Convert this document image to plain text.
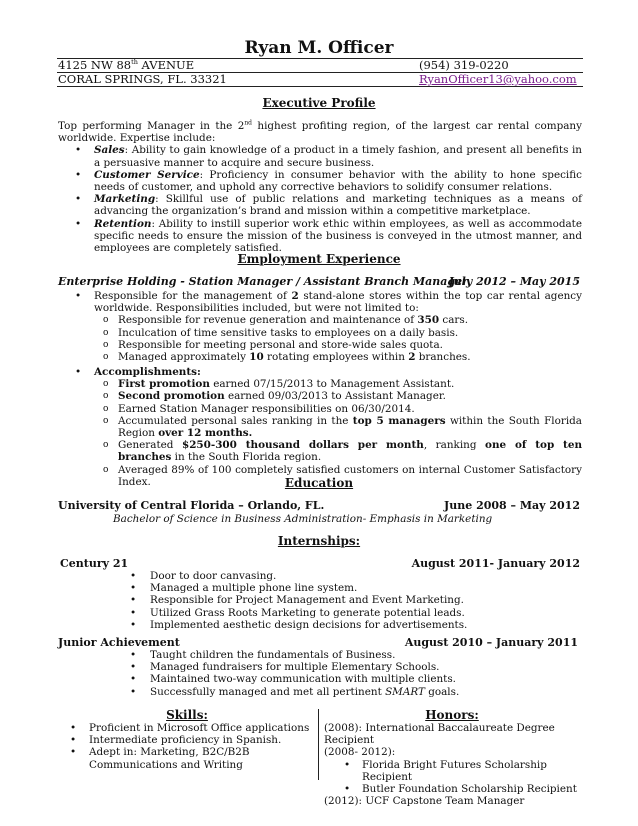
Ryan M. Officer
4125 NW 88th AVENUE	(954) 319-0220
CORAL SPRINGS, FL. 33321	RyanOfficer13@yahoo.com
Executive Profile
Top performing Manager in the 2nd highest profiting region, of the largest car rental company worldwide. Expertise include:
• Sales: Ability to gain knowledge of a product in a timely fashion, and present all benefits in a persuasive manner to acquire and secure business.
• Customer Service: Proficiency in consumer behavior with the ability to hone specific needs of customer, and uphold any corrective behaviors to solidify consumer relations.
• Marketing: Skillful use of public relations and marketing techniques as a means of advancing the organization’s brand and mission within a competitive marketplace.
• Retention: Ability to instill superior work ethic within employees, as well as accommodate specific needs to ensure the mission of the business is conveyed in the utmost manner, and employees are completely satisfied.
Employment Experience
Enterprise Holding - Station Manager / Assistant Branch Manager
July 2012 – May 2015
• Responsible for the management of 2 stand-alone stores within the top car rental agency worldwide. Responsibilities included, but were not limited to:
o Responsible for revenue generation and maintenance of 350 cars.
o Inculcation of time sensitive tasks to employees on a daily basis.
o Responsible for meeting personal and store-wide sales quota.
o Managed approximately 10 rotating employees within 2 branches.
• Accomplishments:
o First promotion earned 07/15/2013 to Management Assistant.
o Second promotion earned 09/03/2013 to Assistant Manager.
o Earned Station Manager responsibilities on 06/30/2014.
o Accumulated personal sales ranking in the top 5 managers within the South Florida Region over 12 months.
o Generated $250-300 thousand dollars per month, ranking one of top ten branches in the South Florida region.
o Averaged 89% of 100 completely satisfied customers on internal Customer Satisfactory Index.	Education
University of Central Florida – Orlando, FL.	June 2008 – May 2012
Bachelor of Science in Business Administration- Emphasis in Marketing
Internships:
Century 21	August 2011- January 2012
• Door to door canvasing.
• Managed a multiple phone line system.
• Responsible for Project Management and Event Marketing.
• Utilized Grass Roots Marketing to generate potential leads.
• Implemented aesthetic design decisions for advertisements.
Junior Achievement	August 2010 – January 2011
• Taught children the fundamentals of Business.
• Managed fundraisers for multiple Elementary Schools.
• Maintained two-way communication with multiple clients.
• Successfully managed and met all pertinent SMART goals.
Skills:
• Proficient in Microsoft Office applications
• Intermediate proficiency in Spanish.
• Adept in: Marketing, B2C/B2B Communications and Writing
Honors:
(2008): International Baccalaureate Degree Recipient
(2008- 2012):
• Florida Bright Futures Scholarship Recipient
• Butler Foundation Scholarship Recipient
(2012): UCF Capstone Team Manager
